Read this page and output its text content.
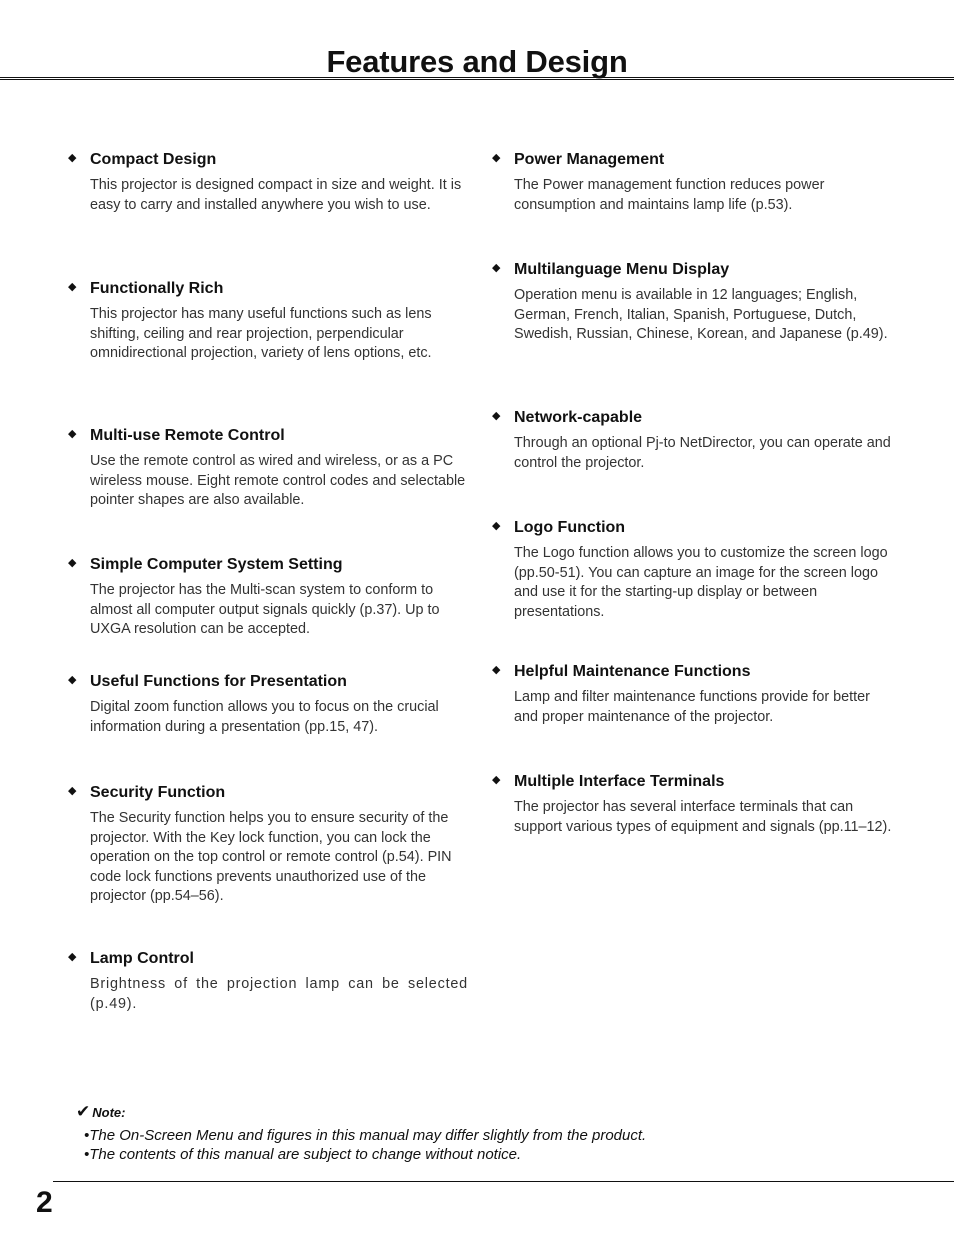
Features and Design
◆ Compact Design

This projector is designed compact in size and weight. It is easy to carry and installed anywhere you wish to use.

◆ Functionally Rich

This projector has many useful functions such as lens shifting, ceiling and rear projection, perpendicular omnidirectional projection, variety of lens options, etc.

◆ Multi-use Remote Control

Use the remote control as wired and wireless, or as a PC wireless mouse. Eight remote control codes and selectable pointer shapes are also available.

◆ Simple Computer System Setting

The projector has the Multi-scan system to conform to almost all computer output signals quickly (p.37). Up to UXGA resolution can be accepted.

◆ Useful Functions for Presentation

Digital zoom function allows you to focus on the crucial information during a presentation (pp.15, 47).

◆ Security Function

The Security function helps you to ensure security of the projector. With the Key lock function, you can lock the operation on the top control or remote control (p.54). PIN code lock functions prevents unauthorized use of the projector (pp.54–56).

◆ Lamp Control

Brightness of the projection lamp can be selected (p.49).

◆ Power Management

The Power management function reduces power consumption and maintains lamp life (p.53).

◆ Multilanguage Menu Display

Operation menu is available in 12 languages; English, German, French, Italian, Spanish, Portuguese, Dutch, Swedish, Russian, Chinese, Korean, and Japanese (p.49).

◆ Network-capable

Through an optional Pj-to NetDirector, you can operate and control the projector.

◆ Logo Function

The Logo function allows you to customize the screen logo (pp.50-51). You can capture an image for the screen logo and use it for the starting-up display or between presentations.

◆ Helpful Maintenance Functions

Lamp and filter maintenance functions provide for better and proper maintenance of the projector.

◆ Multiple Interface Terminals

The projector has several interface terminals that can support various types of equipment and signals (pp.11–12).

✔ Note:
•The On-Screen Menu and figures in this manual may differ slightly from the product.
•The contents of this manual are subject to change without notice.
2
